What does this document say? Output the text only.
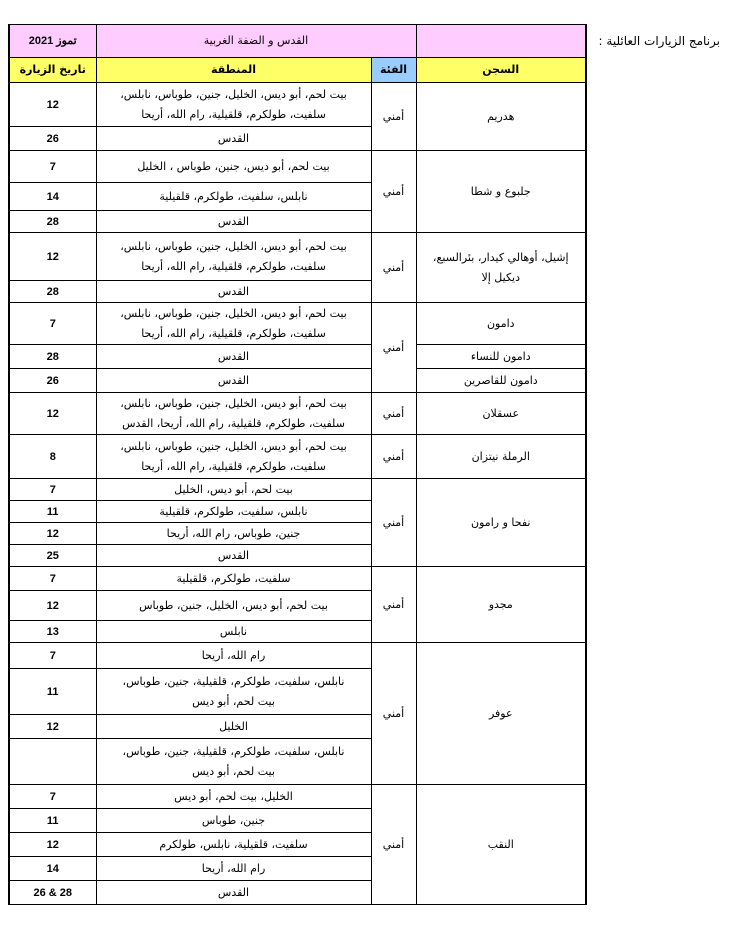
برنامج الزيارات العائلية :
تموز 2021	القدس و الضفة الغربية		
تاريخ الزيارة	المنطقة	الفئة	السجن
12	بيت لحم، أبو ديس، الخليل، جنين، طوباس، نابلس،
سلفيت، طولكرم، قلقيلية، رام الله، أريحا	أمني	هدريم

26	القدس		

7	بيت لحم، أبو ديس، جنين، طوباس ، الخليل	أمني	جلبوع و شطا

14	نابلس، سلفيت، طولكرم، قلقيلية		

28	القدس		

12	بيت لحم، أبو ديس، الخليل، جنين، طوباس، نابلس،
سلفيت، طولكرم، قلقيلية، رام الله، أريحا	أمني	إشيل، أوهالي كيدار، بئرالسبع،
ديكيل إلا

28	القدس		

7	بيت لحم، أبو ديس، الخليل، جنين، طوباس، نابلس،
سلفيت، طولكرم، قلقيلية، رام الله، أريحا	أمني	دامون

28	القدس		دامون للنساء

26	القدس		دامون للقاصرين

12	بيت لحم، أبو ديس، الخليل، جنين، طوباس، نابلس،
سلفيت، طولكرم، قلقيلية، رام الله، أريحا، القدس	أمني	عسقلان

8	بيت لحم، أبو ديس، الخليل، جنين، طوباس، نابلس،
سلفيت، طولكرم، قلقيلية، رام الله، أريحا	أمني	الرملة نيتزان

7	بيت لحم، أبو ديس، الخليل	أمني	نفحا و رامون

11	نابلس، سلفيت، طولكرم، قلقيلية		

12	جنين، طوباس، رام الله، أريحا		

25	القدس		

7	سلفيت، طولكرم، قلقيلية	أمني	مجدو

12	بيت لحم، أبو ديس، الخليل، جنين، طوباس		

13	نابلس		

7	رام الله، أريحا	أمني	عوفر

11	نابلس، سلفيت، طولكرم، قلقيلية، جنين، طوباس،
بيت لحم، أبو ديس		

12	الخليل		

	نابلس، سلفيت، طولكرم، قلقيلية، جنين، طوباس،
بيت لحم، أبو ديس		

7	الخليل، بيت لحم، أبو ديس	أمني	النقب

11	جنين، طوباس		

12	سلفيت، قلقيلية، نابلس، طولكرم		

14	رام الله، أريحا		

26 & 28	القدس		
